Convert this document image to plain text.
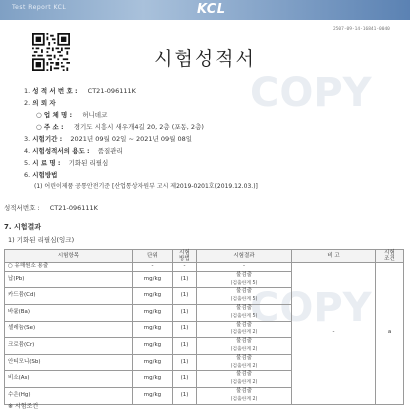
Test Report KCL	KCL
2507-09-14-16841-0040
시험성적서
COPY
COPY
1. 성 적 서 번 호 : CT21-096111K
2. 의 뢰 자
○ 업 체 명 : 허니데코
○ 주 소 : 경기도 시흥시 새우개4길 20, 2층 (포동, 2층)
3. 시험기간 : 2021년 09월 02일 ~ 2021년 09월 08일
4. 시험성적서의 용도 : 품질관리
5. 시 료 명 : 기화된 리필심
6. 시험방법
(1) 어린이제품 공통안전기준 [산업통상자원부 고시 제2019-0201호(2019.12.03.)]
성적서번호 : CT21-096111K
7. 시험결과
1) 기화된 리필심(잉크)
시험항목	단위	시험
방법	시험결과	비 고	시험
조건
○ 유해원소 용출	-	-	-	-	a
납(Pb)	mg/kg	(1)	불검출
(검출한계 5)		

카드뮴(Cd)	mg/kg	(1)	불검출
(검출한계 5)		

바륨(Ba)	mg/kg	(1)	불검출
(검출한계 5)		

셀레늄(Se)	mg/kg	(1)	불검출
(검출한계 2)		

크로뮴(Cr)	mg/kg	(1)	불검출
(검출한계 2)		

안티모니(Sb)	mg/kg	(1)	불검출
(검출한계 2)		

비소(As)	mg/kg	(1)	불검출
(검출한계 2)		

수은(Hg)	mg/kg	(1)	불검출
(검출한계 2)		
※ 시험조건
